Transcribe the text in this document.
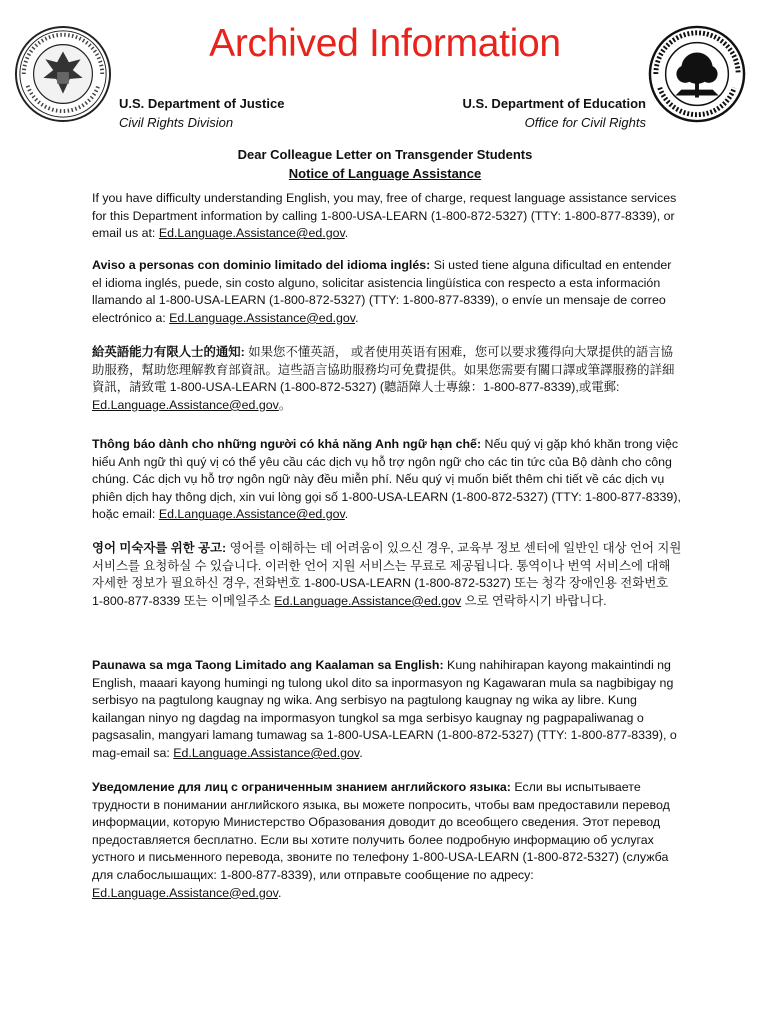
Archived Information
U.S. Department of Justice
Civil Rights Division
U.S. Department of Education
Office for Civil Rights
Dear Colleague Letter on Transgender Students
Notice of Language Assistance
If you have difficulty understanding English, you may, free of charge, request language assistance services for this Department information by calling 1-800-USA-LEARN (1-800-872-5327) (TTY: 1-800-877-8339), or email us at: Ed.Language.Assistance@ed.gov.
Aviso a personas con dominio limitado del idioma inglés: Si usted tiene alguna dificultad en entender el idioma inglés, puede, sin costo alguno, solicitar asistencia lingüística con respecto a esta información llamando al 1-800-USA-LEARN (1-800-872-5327) (TTY: 1-800-877-8339), o envíe un mensaje de correo electrónico a: Ed.Language.Assistance@ed.gov.
給英語能力有限人士的通知: 如果您不懂英語， 或者使用英语有困难，您可以要求獲得向大眾提供的語言協助服務，幫助您理解教育部資訊。這些語言協助服務均可免費提供。如果您需要有關口譯或筆譯服務的詳細資訊，請致電 1-800-USA-LEARN (1-800-872-5327) (聽語障人士專線：1-800-877-8339),或電郵: Ed.Language.Assistance@ed.gov。
Thông báo dành cho những người có khả năng Anh ngữ hạn chế: Nếu quý vị gặp khó khăn trong việc hiểu Anh ngữ thì quý vị có thể yêu cầu các dịch vụ hỗ trợ ngôn ngữ cho các tin tức của Bộ dành cho công chúng. Các dịch vụ hỗ trợ ngôn ngữ này đều miễn phí. Nếu quý vị muốn biết thêm chi tiết về các dịch vụ phiên dịch hay thông dịch, xin vui lòng gọi số 1-800-USA-LEARN (1-800-872-5327) (TTY: 1-800-877-8339), hoặc email: Ed.Language.Assistance@ed.gov.
영어 미숙자를 위한 공고: 영어를 이해하는 데 어려움이 있으신 경우, 교육부 정보 센터에 일반인 대상 언어 지원 서비스를 요청하실 수 있습니다. 이러한 언어 지원 서비스는 무료로 제공됩니다. 통역이나 번역 서비스에 대해 자세한 정보가 필요하신 경우, 전화번호 1-800-USA-LEARN (1-800-872-5327) 또는 청각 장애인용 전화번호 1-800-877-8339 또는 이메일주소 Ed.Language.Assistance@ed.gov 으로 연락하시기 바랍니다.
Paunawa sa mga Taong Limitado ang Kaalaman sa English: Kung nahihirapan kayong makaintindi ng English, maaari kayong humingi ng tulong ukol dito sa inpormasyon ng Kagawaran mula sa nagbibigay ng serbisyo na pagtulong kaugnay ng wika. Ang serbisyo na pagtulong kaugnay ng wika ay libre. Kung kailangan ninyo ng dagdag na impormasyon tungkol sa mga serbisyo kaugnay ng pagpapaliwanag o pagsasalin, mangyari lamang tumawag sa 1-800-USA-LEARN (1-800-872-5327) (TTY: 1-800-877-8339), o mag-email sa: Ed.Language.Assistance@ed.gov.
Уведомление для лиц с ограниченным знанием английского языка: Если вы испытываете трудности в понимании английского языка, вы можете попросить, чтобы вам предоставили перевод информации, которую Министерство Образования доводит до всеобщего сведения. Этот перевод предоставляется бесплатно. Если вы хотите получить более подробную информацию об услугах устного и письменного перевода, звоните по телефону 1-800-USA-LEARN (1-800-872-5327) (служба для слабослышащих: 1-800-877-8339), или отправьте сообщение по адресу: Ed.Language.Assistance@ed.gov.
